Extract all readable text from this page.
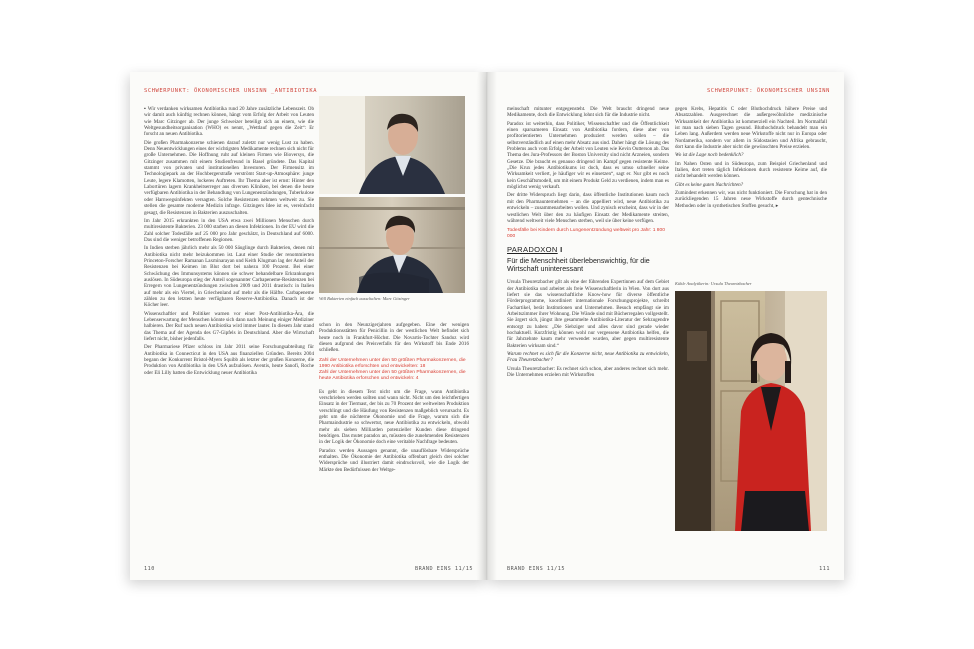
SCHWERPUNKT: ÖKONOMISCHER UNSINN _ANTIBIOTIKA

▪ Wir verdanken wirksamen Antibiotika rund 20 Jahre zusätzliche Lebenszeit. Ob wir damit auch künftig rechnen können, hängt vom Erfolg der Arbeit von Leuten wie Marc Gitzinger ab. Der junge Schweizer beteiligt sich an einem, wie die Weltgesundheitsorganisation (WHO) es nennt, „Wettlauf gegen die Zeit“: Er forscht an neuen Antibiotika.

Die großen Pharmakonzerne schienen darauf zuletzt nur wenig Lust zu haben. Denn Neuentwicklungen eines der wichtigsten Medikamente rechnen sich nicht für große Unternehmen. Die Hoffnung ruht auf kleinen Firmen wie Bioversys, die Gitzinger zusammen mit einem Studienfreund in Basel gründete. Das Kapital stammt von privaten und institutionellen Investoren. Der Firmensitz im Technologiepark an der Hochbergerstraße verströmt Start-up-Atmosphäre: junge Leute, legere Klamotten, lockeres Auftreten. Ihr Thema aber ist ernst: Hinter den Labortüren lagern Krankheitserreger aus diversen Kliniken, bei denen die heute verfügbaren Antibiotika in der Behandlung von Lungenentzündungen, Tuberkulose oder Harnwegsinfekten versagten. Solche Resistenzen nehmen weltweit zu. Sie stellen die gesamte moderne Medizin infrage. Gitzingers Idee ist es, vereinfacht gesagt, die Resistenzen in Bakterien auszuschalten.

Im Jahr 2015 erkrankten in den USA etwa zwei Millionen Menschen durch multiresistente Bakterien. 23 000 starben an diesen Infektionen. In der EU wird die Zahl solcher Todesfälle auf 25 000 pro Jahr geschätzt, in Deutschland auf 6000. Das sind die weniger betroffenen Regionen.

In Indien sterben jährlich mehr als 50 000 Säuglinge durch Bakterien, denen mit Antibiotika nicht mehr beizukommen ist. Laut einer Studie der renommierten Princeton-Forscher Ramanan Laxminarayan und Keith Klugman lag der Anteil der Resistenzen bei Keimen im Blut dort bei nahezu 100 Prozent. Bei einer Schwächung des Immunsystems können sie schwer behandelbare Erkrankungen auslösen. In Südeuropa stieg der Anteil sogenannter Carbapeneme-Resistenzen bei Erregern von Lungenentzündungen zwischen 2009 und 2011 drastisch: in Italien auf mehr als ein Viertel, in Griechenland auf mehr als die Hälfte. Carbapeneme zählen zu den letzten heute verfügbaren Reserve-Antibiotika. Danach ist der Köcher leer.

Wissenschaftler und Politiker warnen vor einer Post-Antibiotika-Ära, die Lebenserwartung der Menschen könnte sich dann nach Meinung einiger Mediziner halbieren. Der Ruf nach neuen Antibiotika wird immer lauter. In diesem Jahr stand das Thema auf der Agenda des G7-Gipfels in Deutschland. Aber die Wirtschaft liefert nicht, bisher jedenfalls.

Der Pharmariese Pfizer schloss im Jahr 2011 seine Forschungsabteilung für Antibiotika in Connecticut in den USA aus finanziellen Gründen. Bereits 2004 begann der Konkurrent Bristol-Myers Squibb als letzter der großen Konzerne, die Produktion von Antibiotika in den USA aufzulösen. Aventis, heute Sanofi, Roche oder Eli Lilly hatten die Entwicklung neuer Antibiotika

Will Bakterien einfach ausschalten: Marc Gitzinger

schon in den Neunzigerjahren aufgegeben. Eine der wenigen Produktionsstätten für Penicillin in der westlichen Welt befindet sich heute noch in Frankfurt-Höchst. Die Novartis-Tochter Sandoz wird diesen aufgrund des Preisverfalls für den Wirkstoff bis Ende 2016 schließen.

Zahl der Unternehmen unter den 50 größten Pharmakonzernen, die 1990 Antibiotika erforschten und entwickelten: 18
Zahl der Unternehmen unter den 50 größten Pharmakonzernen, die heute Antibiotika erforschen und entwickeln: 4

Es geht in diesem Text nicht um die Frage, wann Antibiotika verschrieben werden sollten und wann nicht. Nicht um den leichtfertigen Einsatz in der Tiermast, der bis zu 70 Prozent der weltweiten Produktion verschlingt und die Häufung von Resistenzen maßgeblich verursacht. Es geht um die nüchterne Ökonomie und die Frage, warum sich die Pharmaindustrie so schwertut, neue Antibiotika zu entwickeln, obwohl mehr als sieben Milliarden potenzieller Kunden diese dringend benötigen. Das mutet paradox an, müssten die zunehmenden Resistenzen in der Logik der Ökonomie doch eine veritable Nachfrage bedeuten.

Paradox werden Aussagen genannt, die unauflösbare Widersprüche enthalten. Die Ökonomie der Antibiotika offenbart gleich drei solcher Widersprüche und illustriert damit eindrucksvoll, wie die Logik der Märkte den Bedürfnissen der Weltge-

110	BRAND EINS 11/15
SCHWERPUNKT: ÖKONOMISCHER UNSINN

meinschaft mitunter entgegensteht. Die Welt braucht dringend neue Medikamente, doch die Entwicklung lohnt sich für die Industrie nicht.

Paradox ist weiterhin, dass Politiker, Wissenschaftler und die Öffentlichkeit einen sparsameren Einsatz von Antibiotika fordern, diese aber von profitorientierten Unternehmen produziert werden sollen – die selbstverständlich auf einen mehr Absatz aus sind. Daher hängt die Lösung des Problems auch vom Erfolg der Arbeit von Leuten wie Kevin Outterson ab. Das Thema des Jura-Professors der Boston University sind nicht Arzneien, sondern Gesetze. Die braucht es genauso dringend im Kampf gegen resistente Keime. „Die Krux jedes Antibiotikums ist doch, dass es umso schneller seine Wirksamkeit verliert, je häufiger wir es einsetzen“, sagt er. Nur gibt es noch kein Geschäftsmodell, um mit einem Produkt Geld zu verdienen, indem man es möglichst wenig verkauft.

Der dritte Widerspruch liegt darin, dass öffentliche Institutionen kaum noch mit den Pharmaunternehmen – an die appelliert wird, neue Antibiotika zu entwickeln – zusammenarbeiten wollen. Und zynisch erscheint, dass wir in der westlichen Welt über den zu häufigen Einsatz der Medikamente streiten, während weltweit viele Menschen sterben, weil sie über keine verfügen.

Todesfälle bei Kindern durch Lungenentzündung weltweit pro Jahr: 1 800 000
PARADOXON I
Für die Menschheit überlebenswichtig, für die Wirtschaft uninteressant

Ursula Theuretzbacher gilt als eine der führenden Expertinnen auf dem Gebiet der Antibiotika und arbeitet als freie Wissenschaftlerin in Wien. Von dort aus liefert sie das wissenschaftliche Know-how für diverse öffentliche Förderprogramme, koordiniert internationale Forschungsprojekte, schreibt Fachartikel, berät Institutionen und Unternehmen. Besuch empfängt sie im Arbeitszimmer ihrer Wohnung. Die Wände sind mit Bücherregalen vollgestellt. Sie ärgert sich, jüngst ihre gesammelte Antibiotika-Literatur der Sehzugendre entsorgt zu haben: „Die Siebziger und alles davor sind gerade wieder hochaktuell. Kurzfristig können wohl nur vergessene Antibiotika helfen, die für Jahrzehnte kaum mehr verwendet wurden, aber gegen multiresistente Bakterien wirksam sind.“

Warum rechnet es sich für die Konzerne nicht, neue Antibiotika zu entwickeln, Frau Theuretzbacher?

Ursula Theuretzbacher: Es rechnet sich schon, aber anderes rechnet sich mehr. Die Unternehmen erzielen mit Wirkstoffen

gegen Krebs, Hepatitis C oder Bluthochdruck höhere Preise und Absatzzahlen. Ausgerechnet die außergewöhnliche medizinische Wirksamkeit der Antibiotika ist kommerziell ein Nachteil. Im Normalfall ist man nach sieben Tagen gesund. Bluthochdruck behandelt man ein Leben lang. Außerdem werden neue Wirkstoffe nicht nur in Europa oder Nordamerika, sondern vor allem in Südostasien und Afrika gebraucht, dort kann die Industrie aber nicht die gewünschten Preise erzielen.

Wo ist die Lage noch bedenklich?

Im Nahen Osten und in Südeuropa, zum Beispiel Griechenland und Italien, dort treten täglich Infektionen durch resistente Keime auf, die nicht behandelt werden können.

Gibt es keine guten Nachrichten?

Zumindest erkennen wir, was nicht funktioniert. Die Forschung hat in den zurückliegenden 15 Jahren neue Wirkstoffe durch gentechnische Methoden oder in synthetischen Stoffen gesucht, ▸

Kühle Analytikerin: Ursula Theuretzbacher
BRAND EINS 11/15	111
